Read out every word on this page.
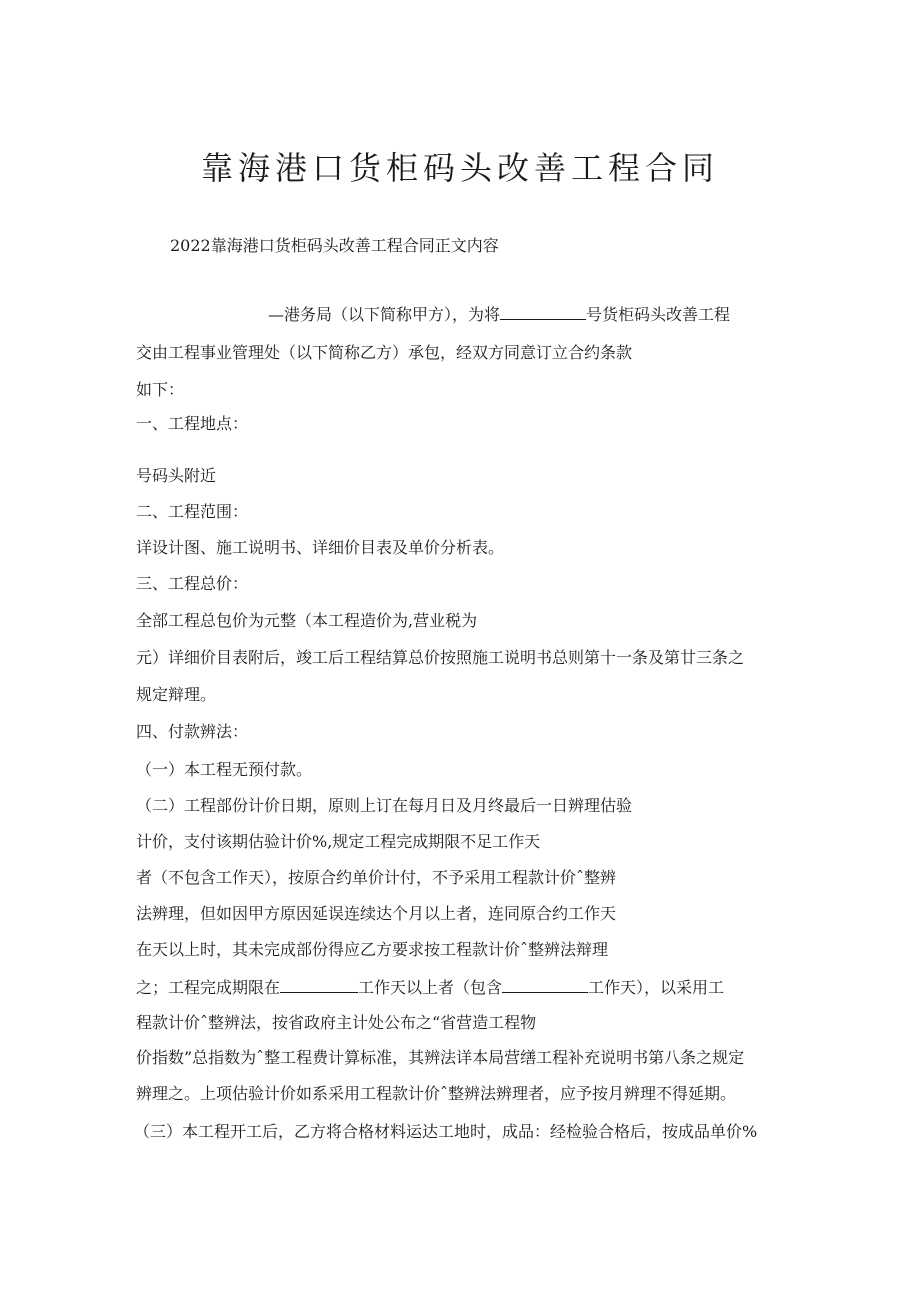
靠海港口货柜码头改善工程合同
2022靠海港口货柜码头改善工程合同正文内容
—港务局（以下简称甲方），为将	号货柜码头改善工程
交由工程事业管理处（以下简称乙方）承包，经双方同意订立合约条款
如下：
一、工程地点：
号码头附近
二、工程范围：
详设计图、施工说明书、详细价目表及单价分析表。
三、工程总价：
全部工程总包价为元整（本工程造价为,营业税为
元）详细价目表附后，竣工后工程结算总价按照施工说明书总则第十一条及第廿三条之
规定辩理。
四、付款辨法：
（一）本工程无预付款。
（二）工程部份计价日期，原则上订在每月日及月终最后一日辨理估验
计价，支付该期估验计价%,规定工程完成期限不足工作天
者（不包含工作天），按原合约单价计付，不予采用工程款计价ˆ整辨
法辨理，但如因甲方原因延误连续达个月以上者，连同原合约工作天
在天以上时，其未完成部份得应乙方要求按工程款计价ˆ整辨法辩理
之；工程完成期限在	工作天以上者（包含	工作天），以采用工
程款计价ˆ整辨法，按省政府主计处公布之“省营造工程物
价指数”总指数为ˆ整工程费计算标准，其辨法详本局营缮工程补充说明书第八条之规定
辨理之。上项估验计价如系采用工程款计价ˆ整辨法辨理者，应予按月辨理不得延期。
（三）本工程开工后，乙方将合格材料运达工地时，成品：经检验合格后，按成品单价%
